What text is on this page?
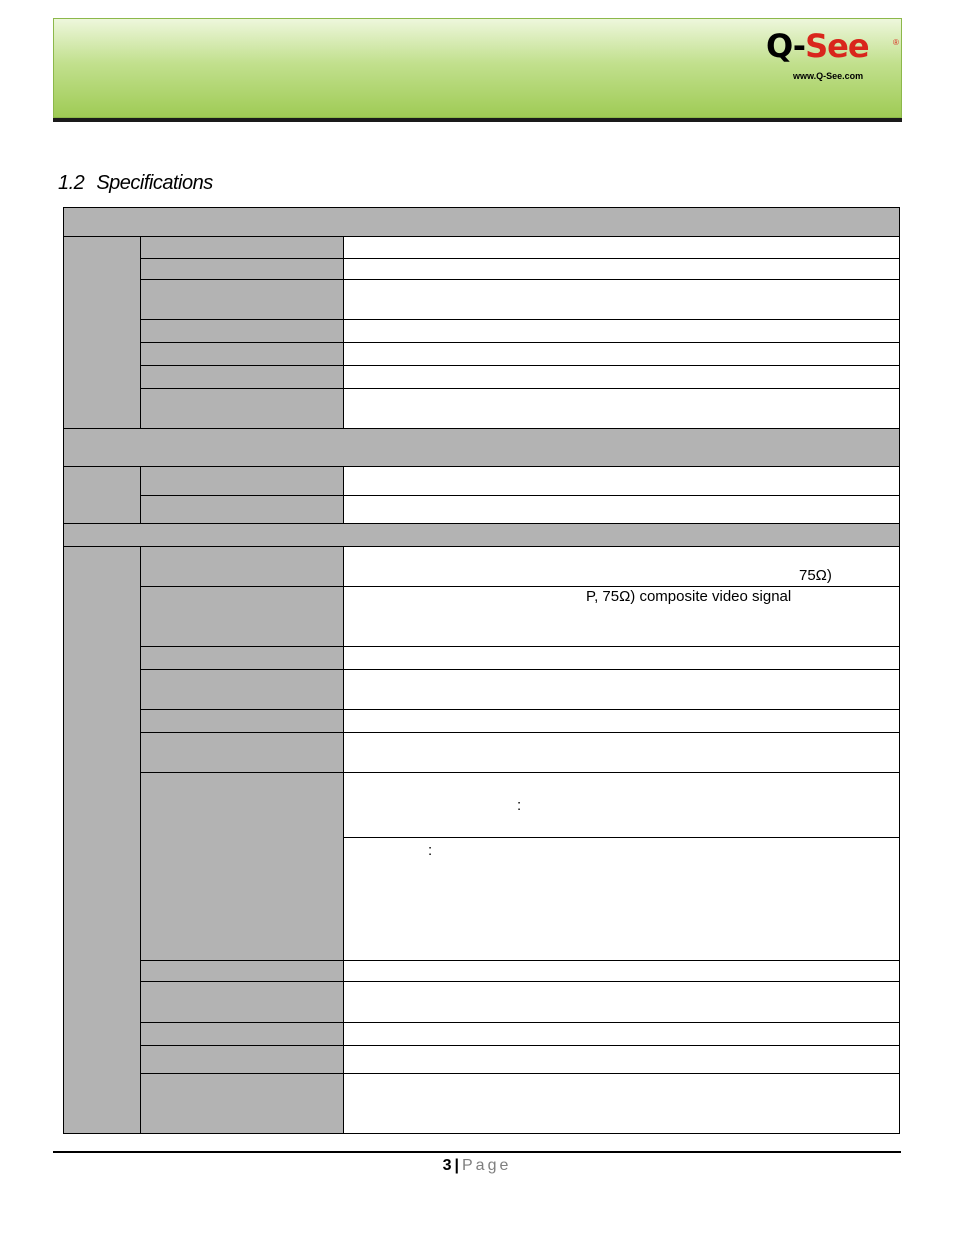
Q-See	®
www.Q-See.com
1.2 Specifications

		75Ω)

		P, 75Ω) composite video signal

		:

		:

3 | Page
